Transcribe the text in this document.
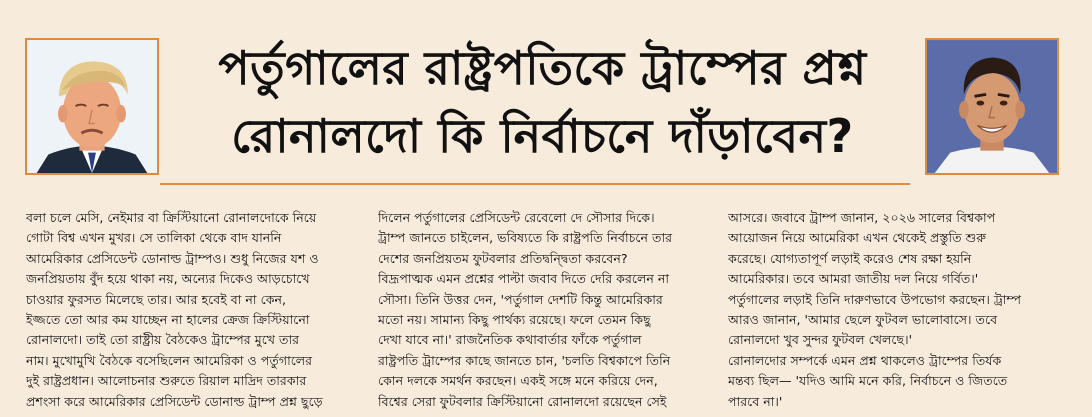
পর্তুগালের রাষ্ট্রপতিকে ট্রাম্পের প্রশ্ন
রোনালদো কি নির্বাচনে দাঁড়াবেন?

বলা চলে মেসি, নেইমার বা ক্রিস্টিয়ানো রোনালদোকে নিয়ে

গোটা বিশ্ব এখন মুখর। সে তালিকা থেকে বাদ যাননি

আমেরিকার প্রেসিডেন্ট ডোনাল্ড ট্রাম্পও। শুধু নিজের যশ ও

জনপ্রিয়তায় বুঁদ হয়ে থাকা নয়, অন্যের দিকেও আড়চোখে

চাওয়ার ফুরসত মিলেছে তার। আর হবেই বা না কেন,

ইজ্জতে তো আর কম যাচ্ছেন না হালের ক্রেজ ক্রিস্টিয়ানো

রোনালদো। তাই তো রাষ্ট্রীয় বৈঠকেও ট্রাম্পের মুখে তার

নাম। মুখোমুখি বৈঠকে বসেছিলেন আমেরিকা ও পর্তুগালের

দুই রাষ্ট্রপ্রধান। আলোচনার শুরুতে রিয়াল মাদ্রিদ তারকার

প্রশংসা করে আমেরিকার প্রেসিডেন্ট ডোনাল্ড ট্রাম্প প্রশ্ন ছুড়ে

দিলেন পর্তুগালের প্রেসিডেন্ট রেবেলো দে সৌসার দিকে।

ট্রাম্প জানতে চাইলেন, ভবিষ্যতে কি রাষ্ট্রপতি নির্বাচনে তার

দেশের জনপ্রিয়তম ফুটবলার প্রতিদ্বন্দ্বিতা করবেন?

বিদ্রূপাত্মক এমন প্রশ্নের পাল্টা জবাব দিতে দেরি করলেন না

সৌসা। তিনি উত্তর দেন, 'পর্তুগাল দেশটি কিন্তু আমেরিকার

মতো নয়। সামান্য কিছু পার্থক্য রয়েছে। ফলে তেমন কিছু

দেখা যাবে না।' রাজনৈতিক কথাবার্তার ফাঁকে পর্তুগাল

রাষ্ট্রপতি ট্রাম্পের কাছে জানতে চান, 'চলতি বিশ্বকাপে তিনি

কোন দলকে সমর্থন করছেন। একই সঙ্গে মনে করিয়ে দেন,

বিশ্বের সেরা ফুটবলার ক্রিস্টিয়ানো রোনালদো রয়েছেন সেই

আসরে। জবাবে ট্রাম্প জানান, ২০২৬ সালের বিশ্বকাপ

আয়োজন নিয়ে আমেরিকা এখন থেকেই প্রস্তুতি শুরু

করেছে। যোগ্যতাপূর্ণ লড়াই করেও শেষ রক্ষা হয়নি

আমেরিকার। তবে আমরা জাতীয় দল নিয়ে গর্বিত।'

পর্তুগালের লড়াই তিনি দারুণভাবে উপভোগ করছেন। ট্রাম্প

আরও জানান, 'আমার ছেলে ফুটবল ভালোবাসে। তবে

রোনালদো খুব সুন্দর ফুটবল খেলছে।'

রোনালদোর সম্পর্কে এমন প্রশ্ন থাকলেও ট্রাম্পের তির্যক

মন্তব্য ছিল— 'যদিও আমি মনে করি, নির্বাচনে ও জিততে

পারবে না।'
